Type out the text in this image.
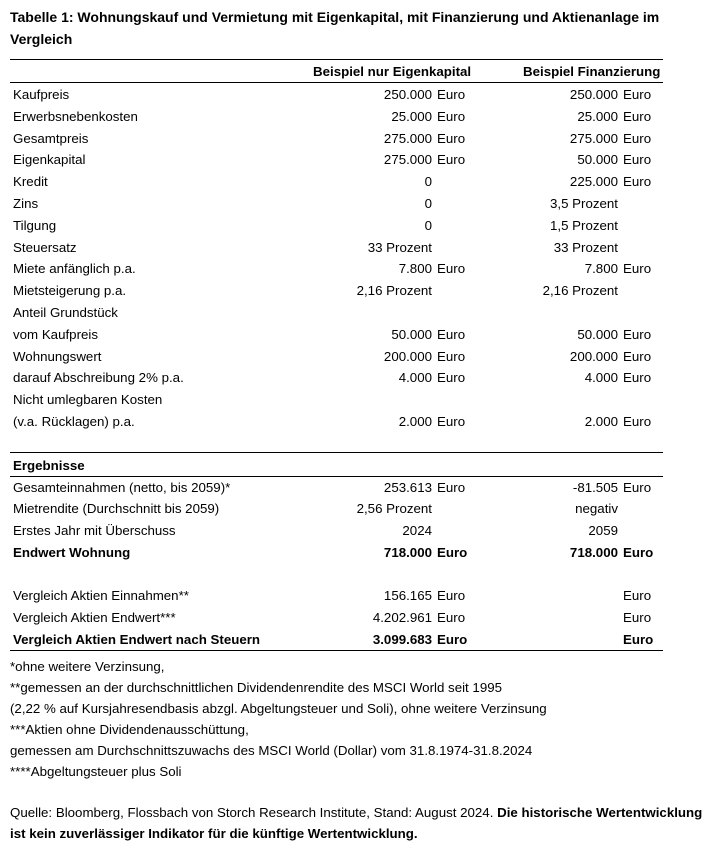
Tabelle 1: Wohnungskauf und Vermietung mit Eigenkapital, mit Finanzierung und Aktienanlage im Vergleich
Beispiel nur Eigenkapital	Beispiel Finanzierung
Kaufpreis	250.000 Euro	250.000 Euro
Erwerbsnebenkosten	25.000 Euro	25.000 Euro
Gesamtpreis	275.000 Euro	275.000 Euro
Eigenkapital	275.000 Euro	50.000 Euro
Kredit	0	225.000 Euro
Zins	0	3,5 Prozent
Tilgung	0	1,5 Prozent
Steuersatz	33 Prozent	33 Prozent
Miete anfänglich p.a.	7.800 Euro	7.800 Euro
Mietsteigerung p.a.	2,16 Prozent	2,16 Prozent
Anteil Grundstück
vom Kaufpreis	50.000 Euro	50.000 Euro
Wohnungswert	200.000 Euro	200.000 Euro
darauf Abschreibung 2% p.a.	4.000 Euro	4.000 Euro
Nicht umlegbaren Kosten
(v.a. Rücklagen) p.a.	2.000 Euro	2.000 Euro
Ergebnisse
Gesamteinnahmen (netto, bis 2059)*	253.613 Euro	-81.505 Euro
Mietrendite (Durchschnitt bis 2059)	2,56 Prozent	negativ
Erstes Jahr mit Überschuss	2024	2059
Endwert Wohnung	718.000 Euro	718.000 Euro
Vergleich Aktien Einnahmen**	156.165 Euro	Euro
Vergleich Aktien Endwert***	4.202.961 Euro	Euro
Vergleich Aktien Endwert nach Steuern	3.099.683 Euro	Euro
*ohne weitere Verzinsung,
**gemessen an der durchschnittlichen Dividendenrendite des MSCI World seit 1995
(2,22 % auf Kursjahresendbasis abzgl. Abgeltungsteuer und Soli), ohne weitere Verzinsung
***Aktien ohne Dividendenausschüttung,
gemessen am Durchschnittszuwachs des MSCI World (Dollar) vom 31.8.1974-31.8.2024
****Abgeltungsteuer plus Soli
Quelle: Bloomberg, Flossbach von Storch Research Institute, Stand: August 2024. Die historische Wertentwicklung ist kein zuverlässiger Indikator für die künftige Wertentwicklung.
